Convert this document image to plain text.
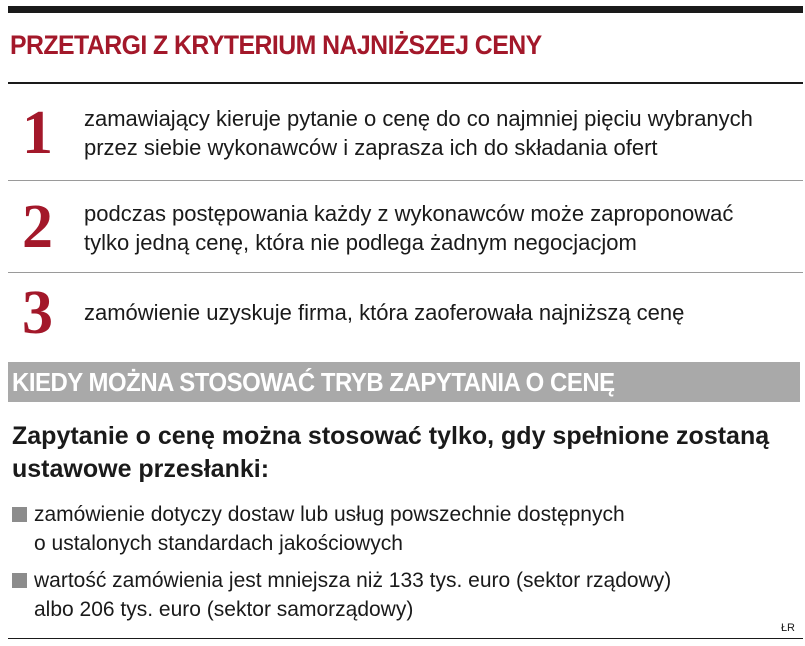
PRZETARGI Z KRYTERIUM NAJNIŻSZEJ CENY
1 zamawiający kieruje pytanie o cenę do co najmniej pięciu wybranych
przez siebie wykonawców i zaprasza ich do składania ofert
2 podczas postępowania każdy z wykonawców może zaproponować
tylko jedną cenę, która nie podlega żadnym negocjacjom
3 zamówienie uzyskuje firma, która zaoferowała najniższą cenę
KIEDY MOŻNA STOSOWAĆ TRYB ZAPYTANIA O CENĘ
Zapytanie o cenę można stosować tylko, gdy spełnione zostaną
ustawowe przesłanki:
zamówienie dotyczy dostaw lub usług powszechnie dostępnych
o ustalonych standardach jakościowych
wartość zamówienia jest mniejsza niż 133 tys. euro (sektor rządowy)
albo 206 tys. euro (sektor samorządowy)
ŁR
